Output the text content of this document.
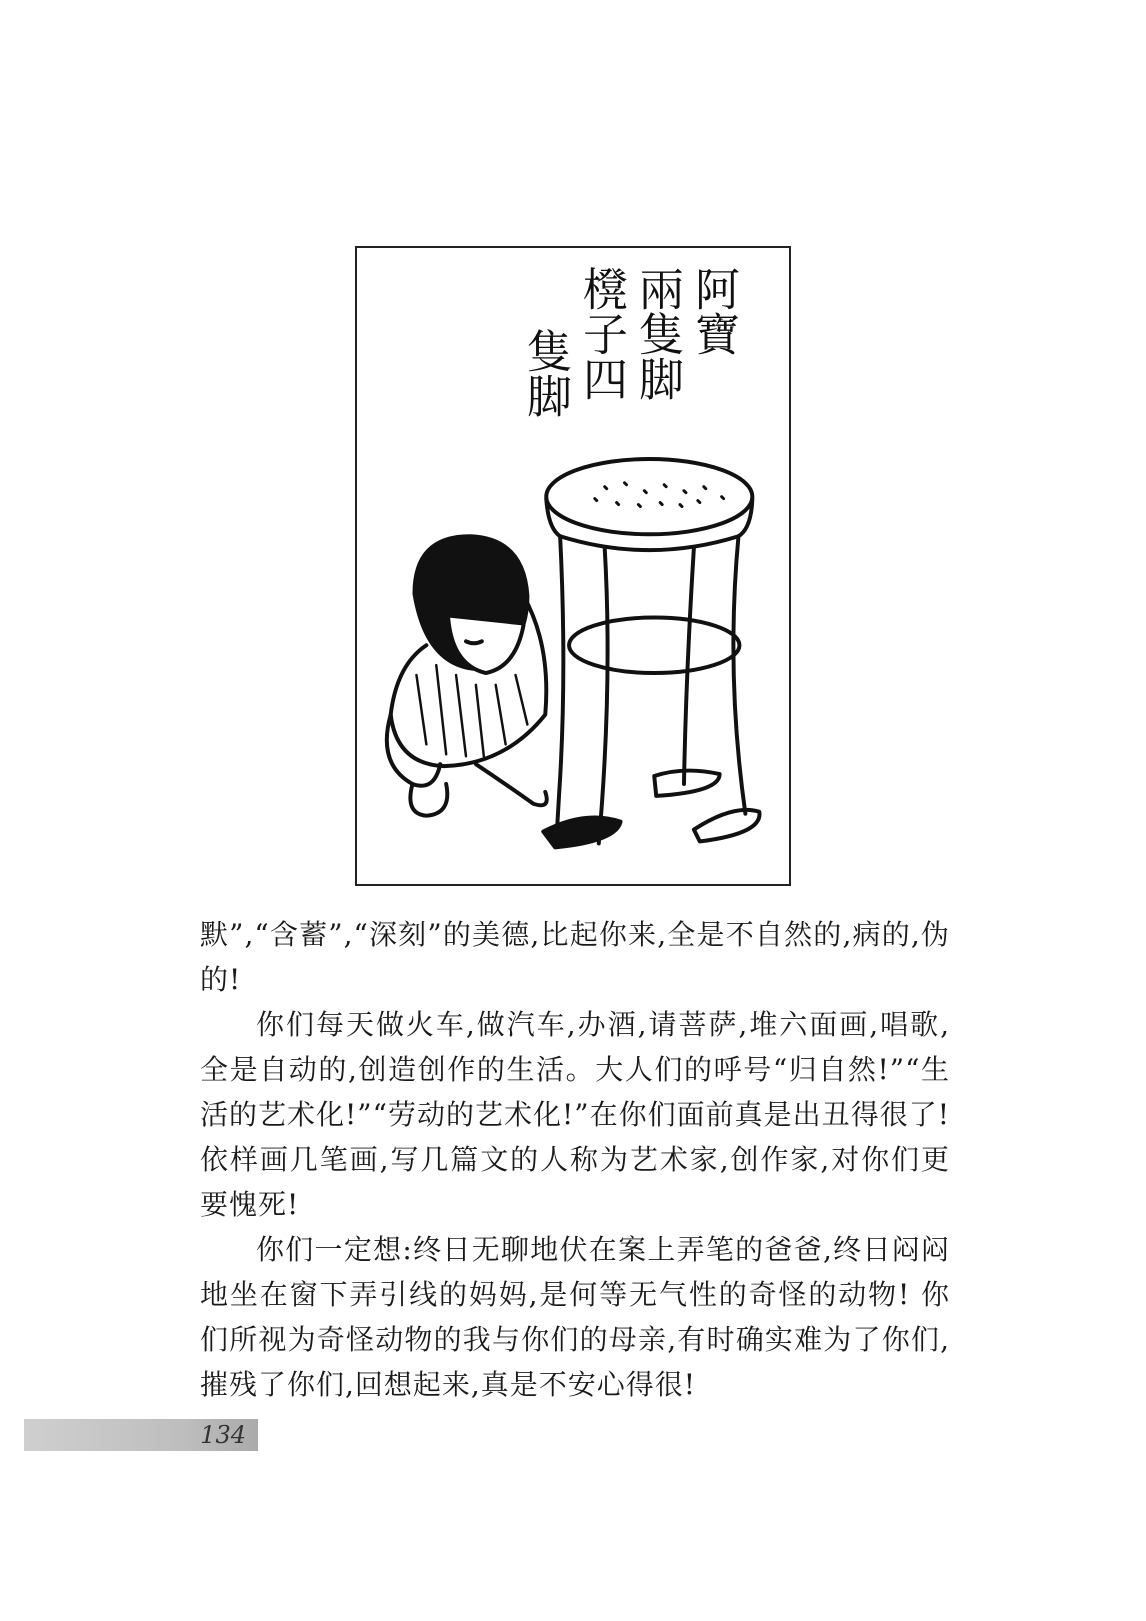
阿寶
兩隻脚
櫈子四
隻脚

默”,“含蓄”,“深刻”的美德,比起你来,全是不自然的,病的,伪的!

你们每天做火车,做汽车,办酒,请菩萨,堆六面画,唱歌,全是自动的,创造创作的生活。大人们的呼号“归自然!”“生活的艺术化!”“劳动的艺术化!”在你们面前真是出丑得很了! 依样画几笔画,写几篇文的人称为艺术家,创作家,对你们更要愧死!

你们一定想:终日无聊地伏在案上弄笔的爸爸,终日闷闷地坐在窗下弄引线的妈妈,是何等无气性的奇怪的动物! 你们所视为奇怪动物的我与你们的母亲,有时确实难为了你们,摧残了你们,回想起来,真是不安心得很!

134
